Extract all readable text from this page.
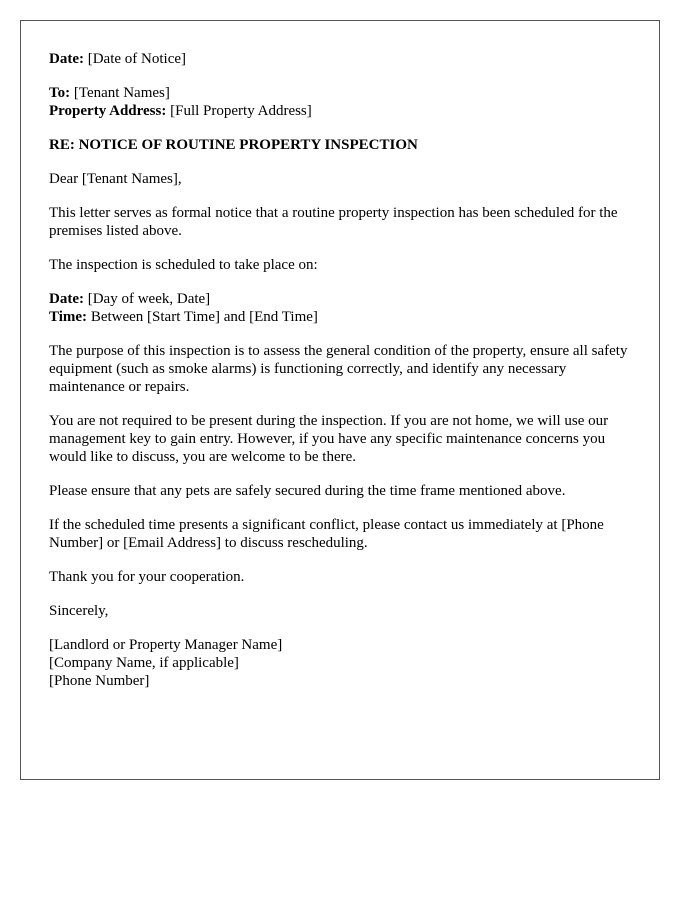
Date: [Date of Notice]
To: [Tenant Names]
Property Address: [Full Property Address]
RE: NOTICE OF ROUTINE PROPERTY INSPECTION
Dear [Tenant Names],
This letter serves as formal notice that a routine property inspection has been scheduled for the premises listed above.
The inspection is scheduled to take place on:
Date: [Day of week, Date]
Time: Between [Start Time] and [End Time]
The purpose of this inspection is to assess the general condition of the property, ensure all safety equipment (such as smoke alarms) is functioning correctly, and identify any necessary maintenance or repairs.
You are not required to be present during the inspection. If you are not home, we will use our management key to gain entry. However, if you have any specific maintenance concerns you would like to discuss, you are welcome to be there.
Please ensure that any pets are safely secured during the time frame mentioned above.
If the scheduled time presents a significant conflict, please contact us immediately at [Phone Number] or [Email Address] to discuss rescheduling.
Thank you for your cooperation.
Sincerely,
[Landlord or Property Manager Name]
[Company Name, if applicable]
[Phone Number]
